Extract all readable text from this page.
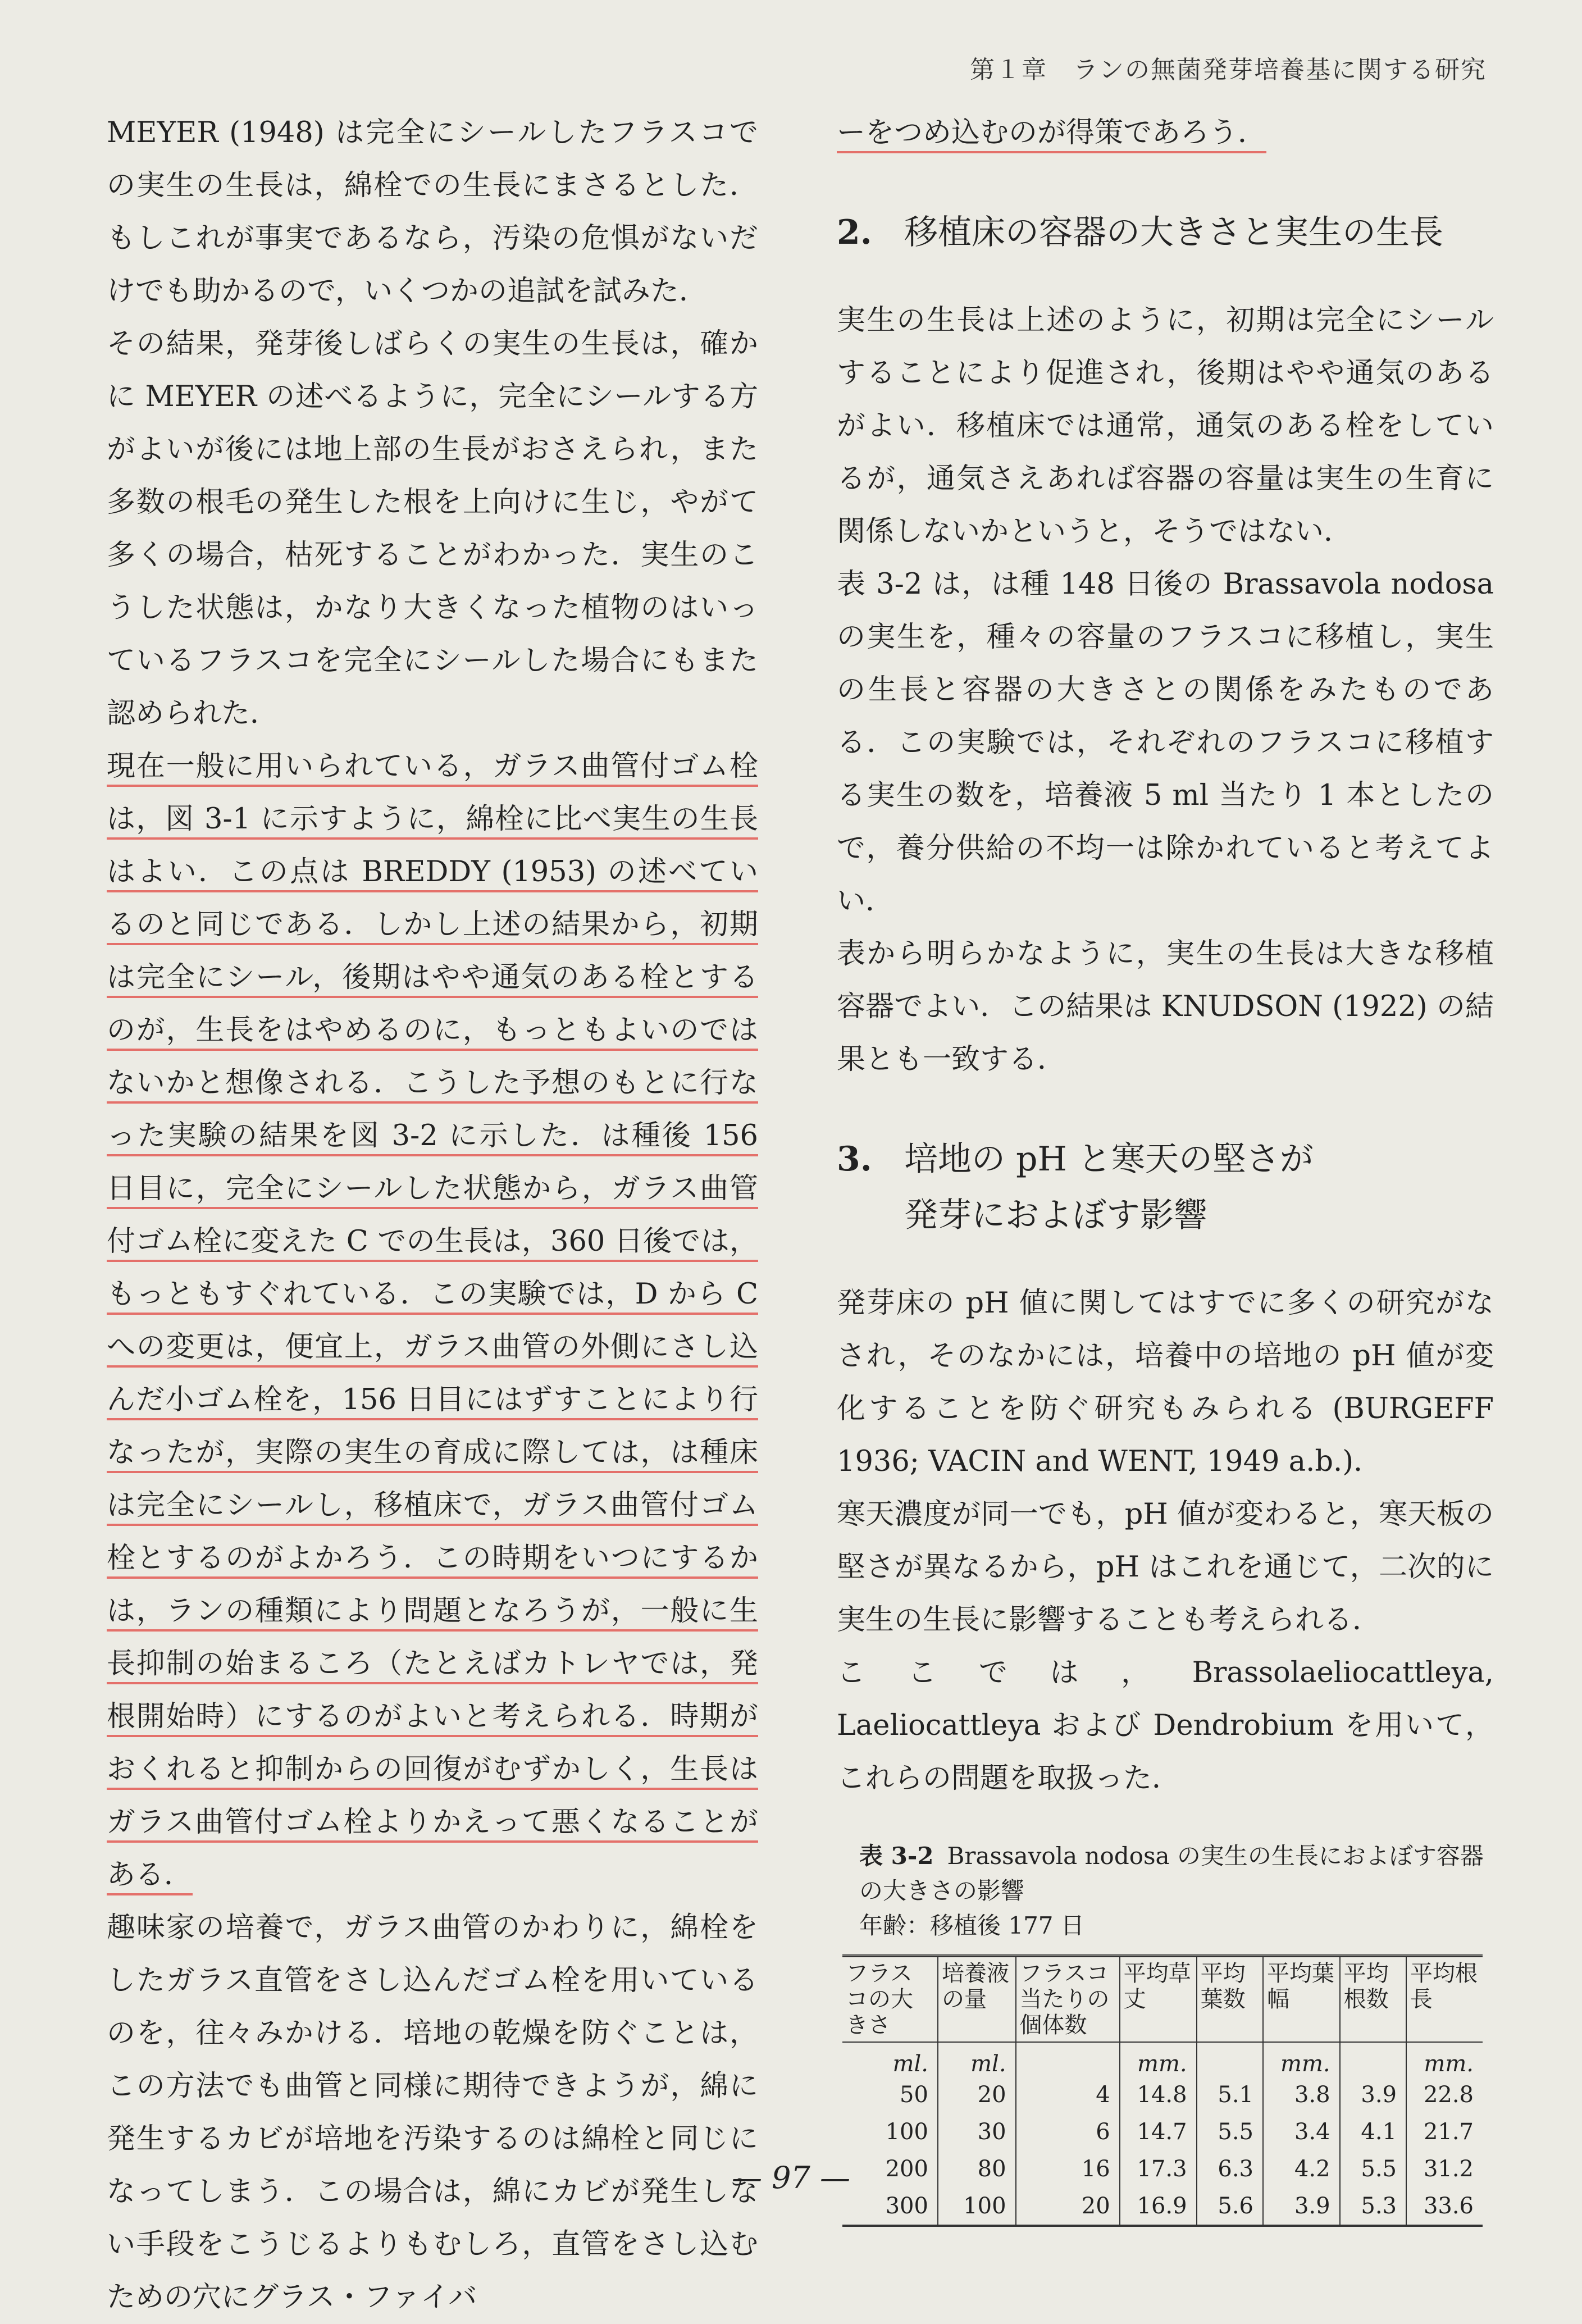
第１章　ランの無菌発芽培養基に関する研究

MEYER (1948) は完全にシールしたフラスコでの実生の生長は，綿栓での生長にまさるとした．もしこれが事実であるなら，汚染の危惧がないだけでも助かるので，いくつかの追試を試みた．

その結果，発芽後しばらくの実生の生長は，確かに MEYER の述べるように，完全にシールする方がよいが後には地上部の生長がおさえられ，また多数の根毛の発生した根を上向けに生じ，やがて多くの場合，枯死することがわかった．実生のこうした状態は，かなり大きくなった植物のはいっているフラスコを完全にシールした場合にもまた認められた．

現在一般に用いられている，ガラス曲管付ゴム栓は，図 3-1 に示すように，綿栓に比べ実生の生長はよい．この点は BREDDY (1953) の述べているのと同じである．しかし上述の結果から，初期は完全にシール，後期はやや通気のある栓とするのが，生長をはやめるのに，もっともよいのではないかと想像される．こうした予想のもとに行なった実験の結果を図 3-2 に示した．は種後 156 日目に，完全にシールした状態から，ガラス曲管付ゴム栓に変えた C での生長は，360 日後では，もっともすぐれている．この実験では，D から C への変更は，便宜上，ガラス曲管の外側にさし込んだ小ゴム栓を，156 日目にはずすことにより行なったが，実際の実生の育成に際しては，は種床は完全にシールし，移植床で，ガラス曲管付ゴム栓とするのがよかろう．この時期をいつにするかは，ランの種類により問題となろうが，一般に生長抑制の始まるころ（たとえばカトレヤでは，発根開始時）にするのがよいと考えられる．時期がおくれると抑制からの回復がむずかしく，生長はガラス曲管付ゴム栓よりかえって悪くなることがある．

趣味家の培養で，ガラス曲管のかわりに，綿栓をしたガラス直管をさし込んだゴム栓を用いているのを，往々みかける．培地の乾燥を防ぐことは，この方法でも曲管と同様に期待できようが，綿に発生するカビが培地を汚染するのは綿栓と同じになってしまう．この場合は，綿にカビが発生しない手段をこうじるよりもむしろ，直管をさし込むための穴にグラス・ファイバ

ーをつめ込むのが得策であろう．

2. 移植床の容器の大きさと実生の生長

実生の生長は上述のように，初期は完全にシールすることにより促進され，後期はやや通気のあるがよい．移植床では通常，通気のある栓をしているが，通気さえあれば容器の容量は実生の生育に関係しないかというと，そうではない．

表 3-2 は，は種 148 日後の Brassavola nodosa の実生を，種々の容量のフラスコに移植し，実生の生長と容器の大きさとの関係をみたものである．この実験では，それぞれのフラスコに移植する実生の数を，培養液 5 ml 当たり 1 本としたので，養分供給の不均一は除かれていると考えてよい．

表から明らかなように，実生の生長は大きな移植容器でよい．この結果は KNUDSON (1922) の結果とも一致する．

3. 培地の pH と寒天の堅さが
発芽におよぼす影響

発芽床の pH 値に関してはすでに多くの研究がなされ，そのなかには，培養中の培地の pH 値が変化することを防ぐ研究もみられる (BURGEFF 1936; VACIN and WENT, 1949 a.b.)．

寒天濃度が同一でも，pH 値が変わると，寒天板の堅さが異なるから，pH はこれを通じて，二次的に実生の生長に影響することも考えられる．

ここでは，Brassolaeliocattleya, Laeliocattleya および Dendrobium を用いて，これらの問題を取扱った．

表 3-2 Brassavola nodosa の実生の生長におよぼす容器の大きさの影響
年齢：移植後 177 日
フラスコの大きさ	培養液の量	フラスコ当たりの個体数	平均草丈	平均葉数	平均葉幅	平均根数	平均根長
ml.	ml.		mm.		mm.		mm.
50	20	4	14.8	5.1	3.8	3.9	22.8
100	30	6	14.7	5.5	3.4	4.1	21.7
200	80	16	17.3	6.3	4.2	5.5	31.2
300	100	20	16.9	5.6	3.9	5.3	33.6
— 97 —
